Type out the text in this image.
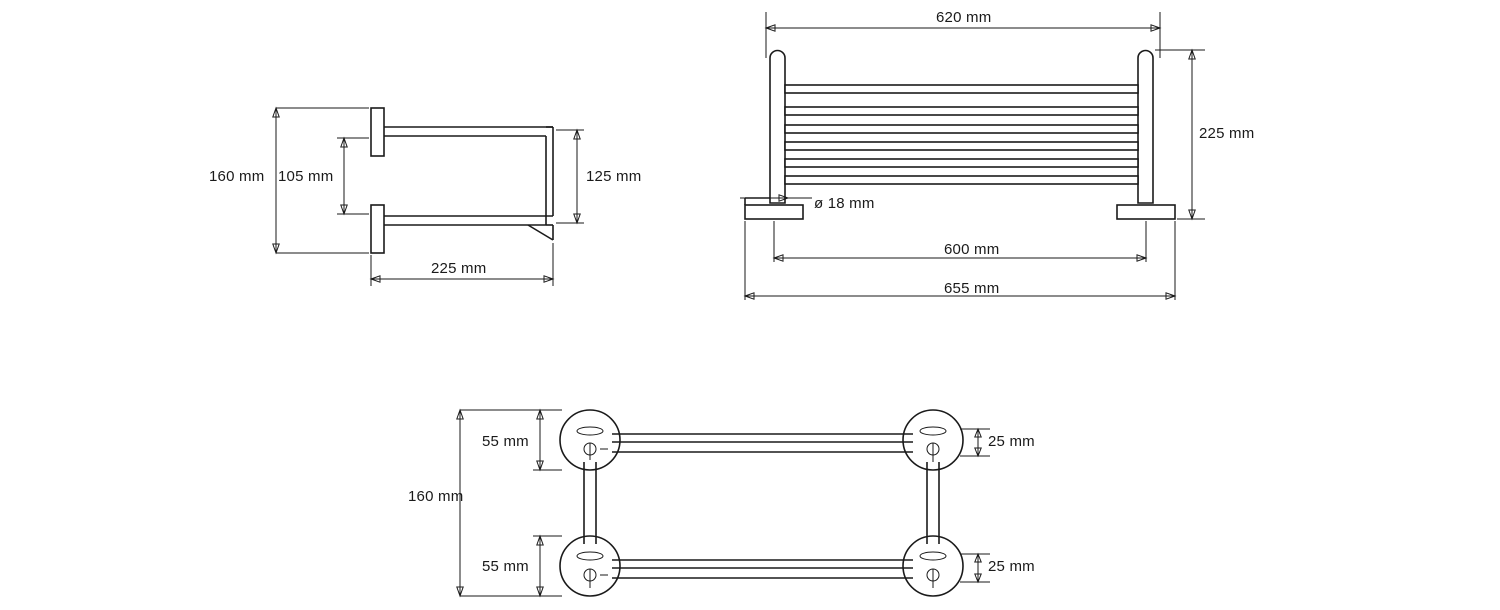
160 mm 105 mm	125 mm
225 mm
620 mm
225 mm
ø 18 mm
600 mm
655 mm
55 mm
55 mm
160 mm
25 mm
25 mm
